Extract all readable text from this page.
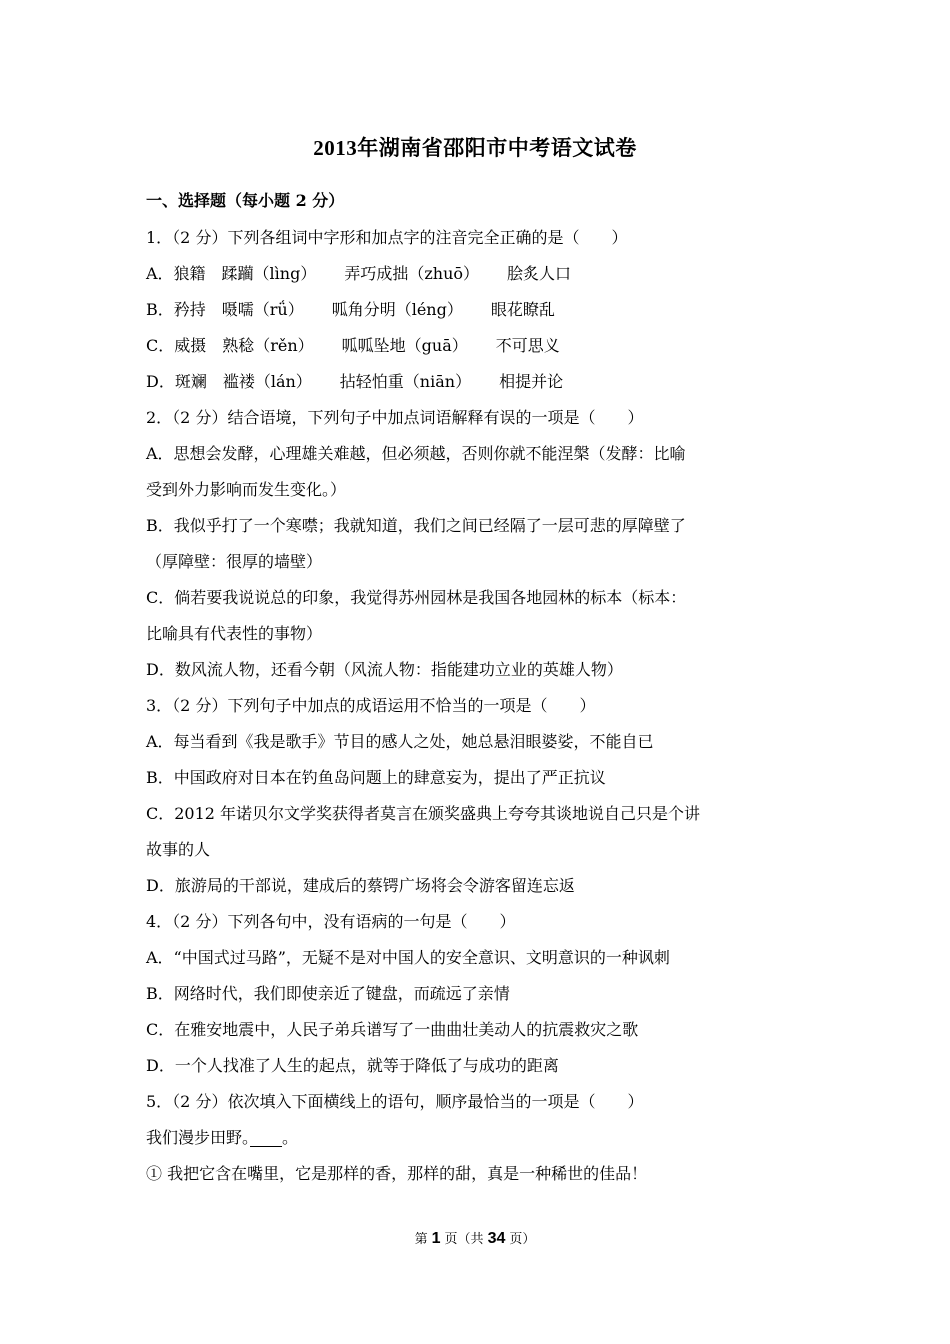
2013年湖南省邵阳市中考语文试卷
一、选择题（每小题 2 分）
1．（2 分）下列各组词中字形和加点字的注音完全正确的是（　　）
A．狼籍　蹂躏（lìng） 弄巧成拙（zhuō） 脍炙人口
B．矜持　嗫嚅（rǘ） 呱角分明（léng） 眼花瞭乱
C．威摄　熟稔（rěn） 呱呱坠地（guā） 不可思义
D．斑斓　褴褛（lán） 拈轻怕重（niān） 相提并论
2．（2 分）结合语境，下列句子中加点词语解释有误的一项是（　　）
A．思想会发酵，心理雄关难越，但必须越，否则你就不能涅槃（发酵：比喻
受到外力影响而发生变化。）
B．我似乎打了一个寒噤；我就知道，我们之间已经隔了一层可悲的厚障壁了
（厚障壁：很厚的墙壁）
C．倘若要我说说总的印象，我觉得苏州园林是我国各地园林的标本（标本：
比喻具有代表性的事物）
D．数风流人物，还看今朝（风流人物：指能建功立业的英雄人物）
3．（2 分）下列句子中加点的成语运用不恰当的一项是（　　）
A．每当看到《我是歌手》节目的感人之处，她总悬泪眼婆娑，不能自已
B．中国政府对日本在钓鱼岛问题上的肆意妄为，提出了严正抗议
C．2012 年诺贝尔文学奖获得者莫言在颁奖盛典上夸夸其谈地说自己只是个讲
故事的人
D．旅游局的干部说，建成后的蔡锷广场将会令游客留连忘返
4．（2 分）下列各句中，没有语病的一句是（　　）
A．“中国式过马路”，无疑不是对中国人的安全意识、文明意识的一种讽刺
B．网络时代，我们即使亲近了键盘，而疏远了亲情
C．在雅安地震中，人民子弟兵谱写了一曲曲壮美动人的抗震救灾之歌
D．一个人找准了人生的起点，就等于降低了与成功的距离
5．（2 分）依次填入下面横线上的语句，顺序最恰当的一项是（　　）
我们漫步田野。　　 。
① 我把它含在嘴里，它是那样的香，那样的甜，真是一种稀世的佳品！
第 1 页（共 34 页）
